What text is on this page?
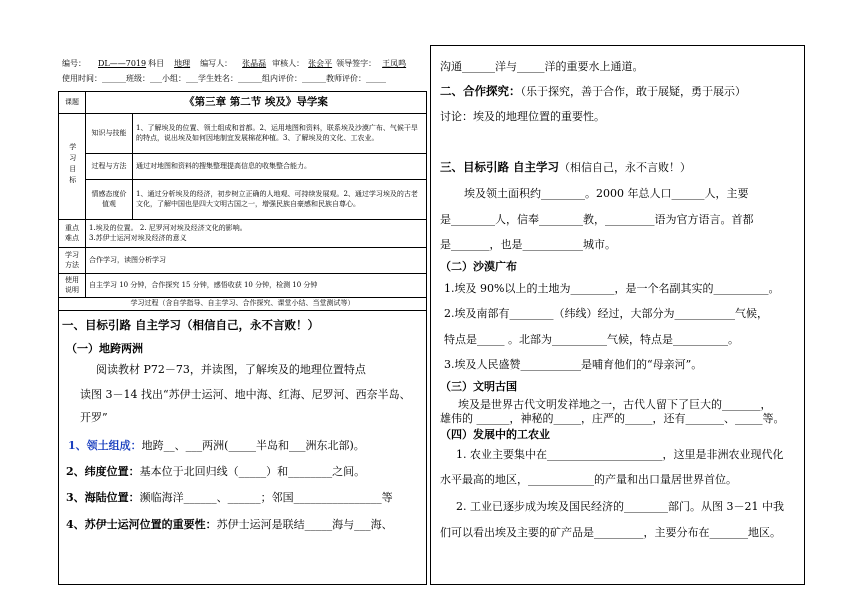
编号： DL——7019 科目 地理 编写人： 张晶磊 审核人： 张会平 领导签字： 王凤鸣
使用时间：______班级：___小组：___学生姓名：______组内评价：______教师评价：_____
课题	《第三章 第二节 埃及》导学案	
学习目标	知识与技能	1、了解埃及的位置、领土组成和首都。2、运用地图和资料，联系埃及沙漠广布、气候干旱的特点，说出埃及如何因地制宜发展棉花种植。3、了解埃及的文化、工农业。
	过程与方法	通过对地图和资料的搜集整理提高信息的收集整合能力。
	情感态度价值观	1、通过分析埃及的经济，初步树立正确的人地观、可持续发展观。2、通过学习埃及的古老文化，了解中国也是四大文明古国之一，增强民族自豪感和民族自尊心。
重点难点	1.埃及的位置。 2. 尼罗河对埃及经济文化的影响。
3.苏伊士运河对埃及经济的意义	

学习方法	合作学习，读图分析学习	
使用说明	自主学习 10 分钟，合作探究 15 分钟，感悟收获 10 分钟，检测 10 分钟	
学习过程（含自学指导、自主学习、合作探究、课堂小结、当堂测试等）		
一、目标引路 自主学习（相信自己，永不言败！）
（一）地跨两洲
阅读教材 P72－73，并读图，了解埃及的地理位置特点
读图 3－14 找出“苏伊士运河、地中海、红海、尼罗河、西奈半岛、
开罗”
1、领土组成：地跨__、___两洲(_____半岛和___洲东北部)。
2、纬度位置：基本位于北回归线（_____）和________之间。
3、海陆位置：濒临海洋______、______；邻国________________等
4、苏伊士运河位置的重要性：苏伊士运河是联结_____海与___海、
沟通______洋与_____洋的重要水上通道。
二、合作探究：（乐于探究，善于合作，敢于展疑，勇于展示）
讨论：埃及的地理位置的重要性。
三、目标引路 自主学习（相信自己，永不言败！）
埃及领土面积约________。2000 年总人口______人，主要
是________人，信奉________教，_________语为官方语言。首都
是_______，也是___________城市。
（二）沙漠广布
1.埃及 90%以上的土地为________，是一个名副其实的__________。
2.埃及南部有________（纬线）经过，大部分为___________气候，
特点是_____ 。北部为__________气候，特点是__________。
3.埃及人民盛赞___________是哺育他们的“母亲河”。
（三）文明古国
埃及是世界古代文明发祥地之一，古代人留下了巨大的_______，
雄伟的 ______，神秘的_____，庄严的_____，还有_______、_____等。
（四）发展中的工农业
1. 农业主要集中在_____________________，这里是非洲农业现代化
水平最高的地区，____________的产量和出口量居世界首位。
2. 工业已逐步成为埃及国民经济的________部门。从图 3－21 中我
们可以看出埃及主要的矿产品是_________，主要分布在_______地区。
